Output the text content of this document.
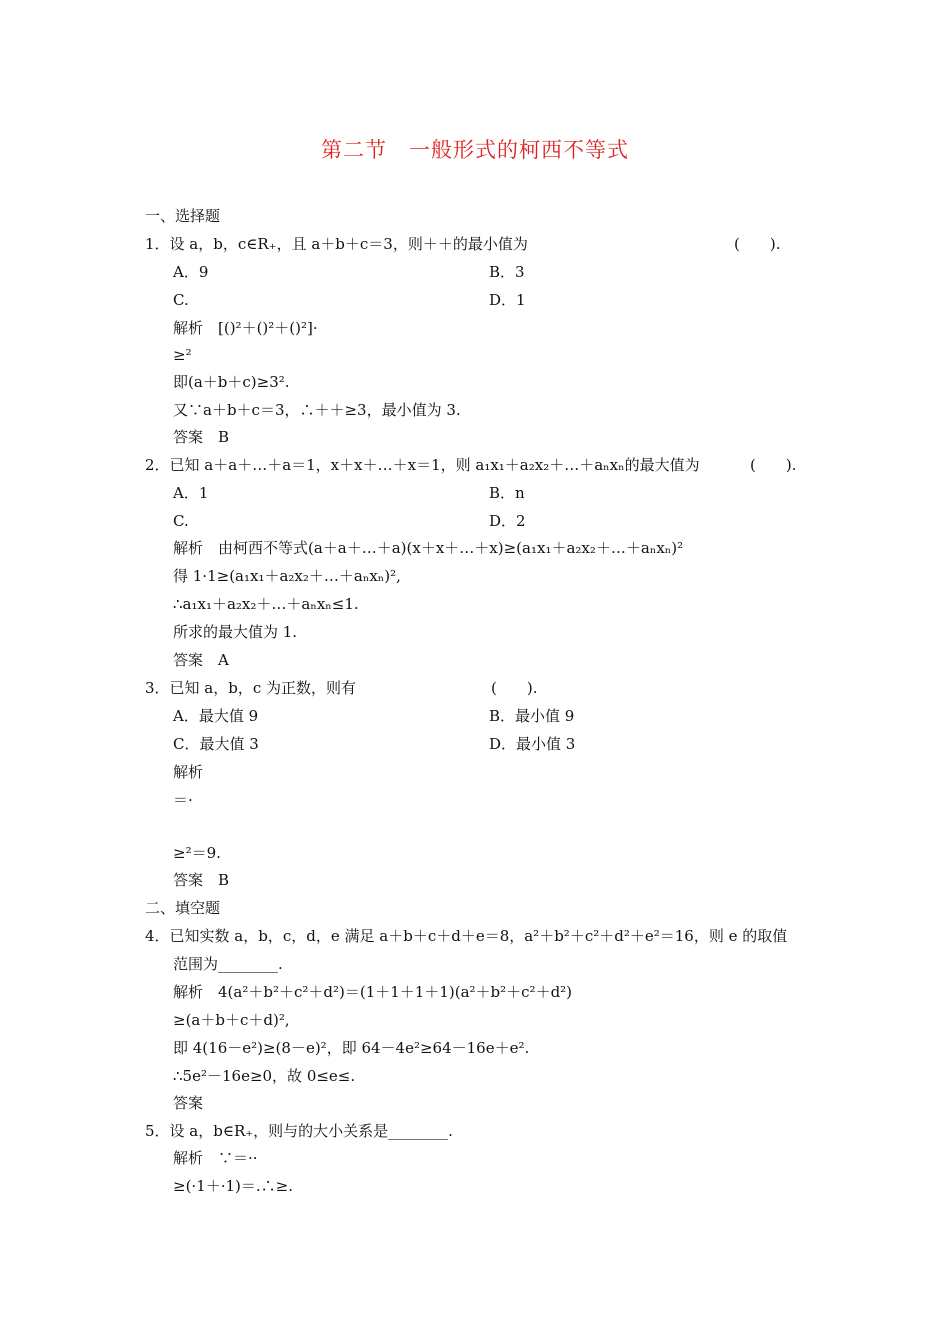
第二节　一般形式的柯西不等式
一、选择题
1．设 a，b，c∈R₊，且 a＋b＋c＝3，则＋＋的最小值为	(　　).
A．9	B．3
C.	D．1
解析　[()²＋()²＋()²]·
≥²
即(a＋b＋c)≥3².
又∵a＋b＋c＝3，∴＋＋≥3，最小值为 3.
答案　B
2．已知 a＋a＋…＋a＝1，x＋x＋…＋x＝1，则 a₁x₁＋a₂x₂＋…＋aₙxₙ的最大值为	(　　).
A．1	B．n
C.	D．2
解析　由柯西不等式(a＋a＋…＋a)(x＋x＋…＋x)≥(a₁x₁＋a₂x₂＋…＋aₙxₙ)²
得 1·1≥(a₁x₁＋a₂x₂＋…＋aₙxₙ)²,
∴a₁x₁＋a₂x₂＋…＋aₙxₙ≤1.
所求的最大值为 1.
答案　A
3．已知 a，b，c 为正数，则有	(　　).
A．最大值 9	B．最小值 9
C．最大值 3	D．最小值 3
解析
＝·
≥²＝9.
答案　B
二、填空题
4．已知实数 a，b，c，d，e 满足 a＋b＋c＋d＋e＝8，a²＋b²＋c²＋d²＋e²＝16，则 e 的取值
范围为________.
解析　4(a²＋b²＋c²＋d²)＝(1＋1＋1＋1)(a²＋b²＋c²＋d²)
≥(a＋b＋c＋d)²,
即 4(16－e²)≥(8－e)²，即 64－4e²≥64－16e＋e².
∴5e²－16e≥0，故 0≤e≤.
答案
5．设 a，b∈R₊，则与的大小关系是________.
解析　∵＝··
≥(·1＋·1)＝.∴≥.
